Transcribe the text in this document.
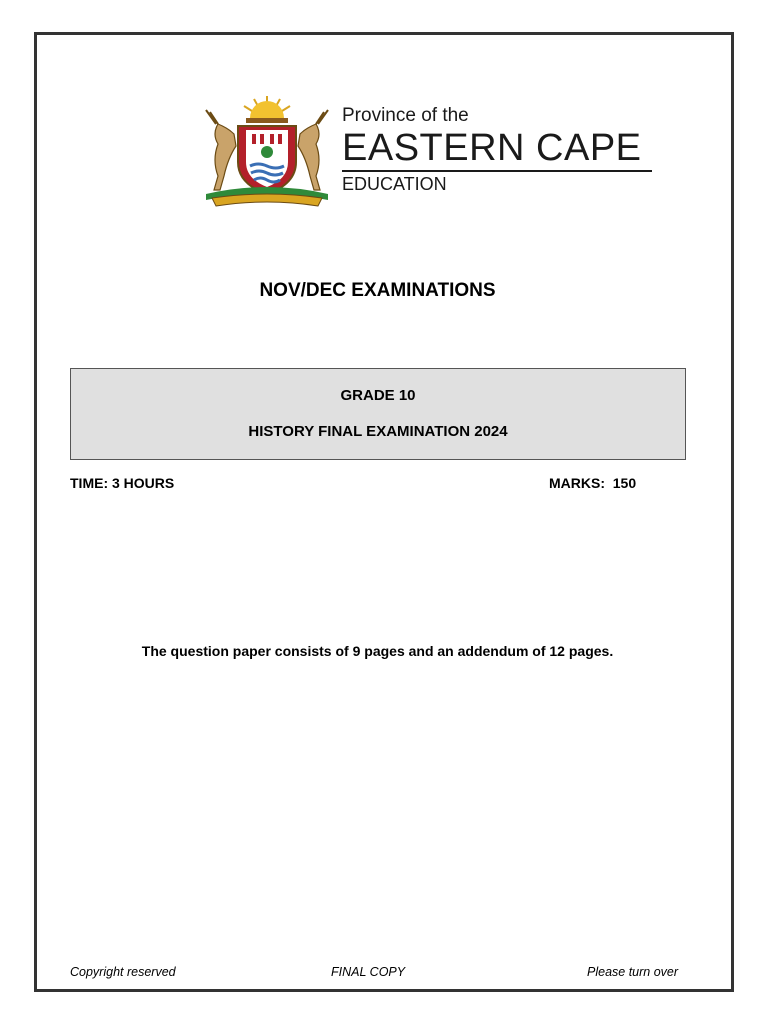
Province of the
EASTERN CAPE
EDUCATION
NOV/DEC EXAMINATIONS
GRADE 10
HISTORY FINAL EXAMINATION 2024
TIME: 3 HOURS	MARKS:  150
The question paper consists of 9 pages and an addendum of 12 pages.
Copyright reserved	FINAL COPY	Please turn over
